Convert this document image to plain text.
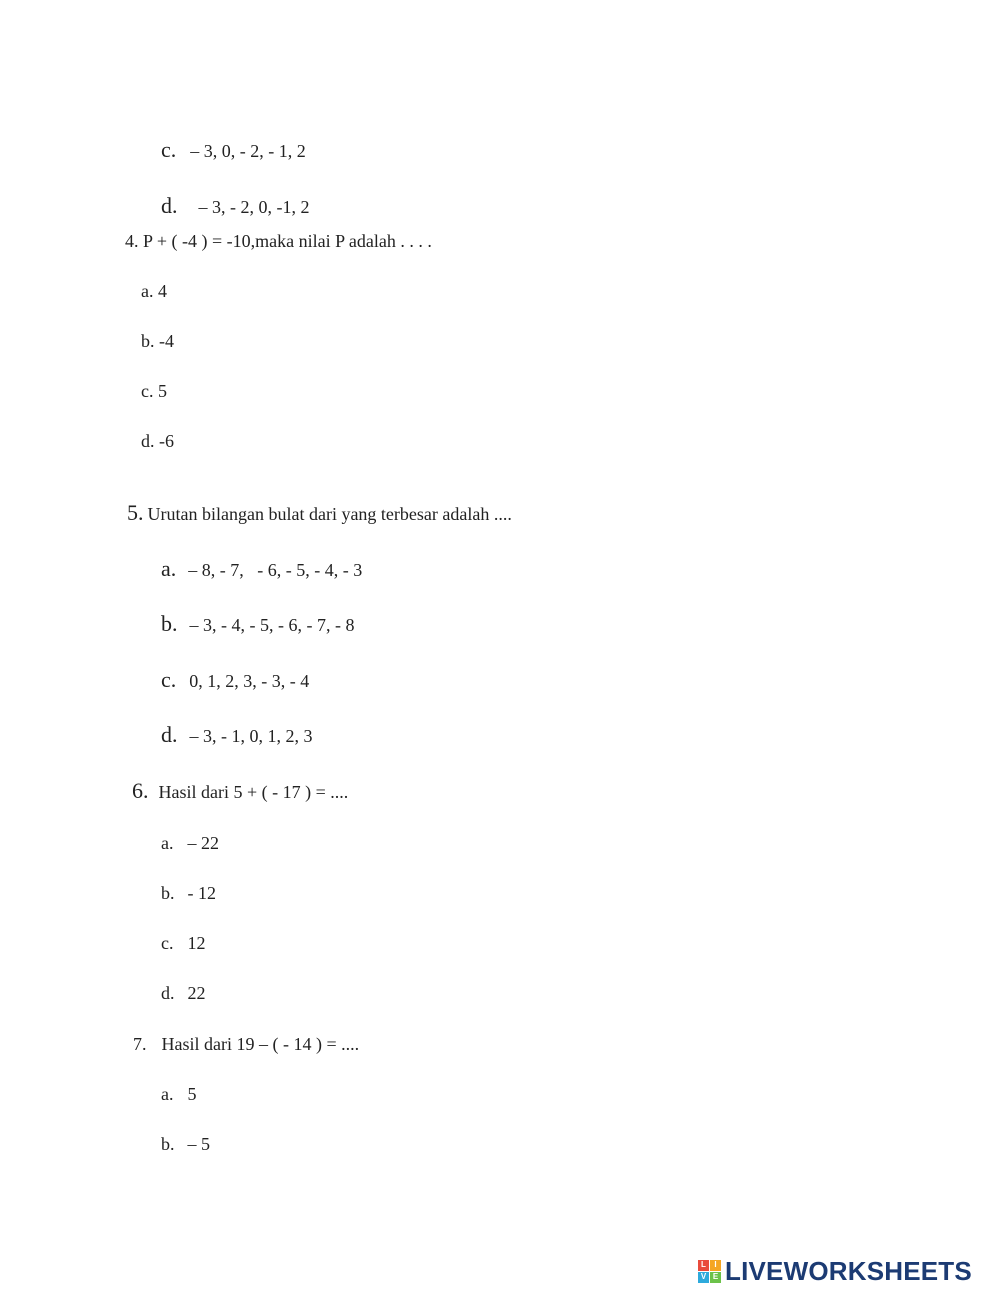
c. – 3, 0, - 2, - 1, 2

d. – 3, - 2, 0, -1, 2

4. P + ( -4 ) = -10,maka nilai P adalah . . . .
a. 4
b. -4
c. 5
d. -6

5. Urutan bilangan bulat dari yang terbesar adalah ....

a. – 8, - 7,   - 6, - 5, - 4, - 3

b. – 3, - 4, - 5, - 6, - 7, - 8

c. 0, 1, 2, 3, - 3, - 4

d. – 3, - 1, 0, 1, 2, 3

6. Hasil dari 5 + ( - 17 ) = ....

a. – 22

b. - 12

c. 12

d. 22

7. Hasil dari 19 – ( - 14 ) = ....

a. 5

b. – 5

L	I
V E LIVEWORKSHEETS
